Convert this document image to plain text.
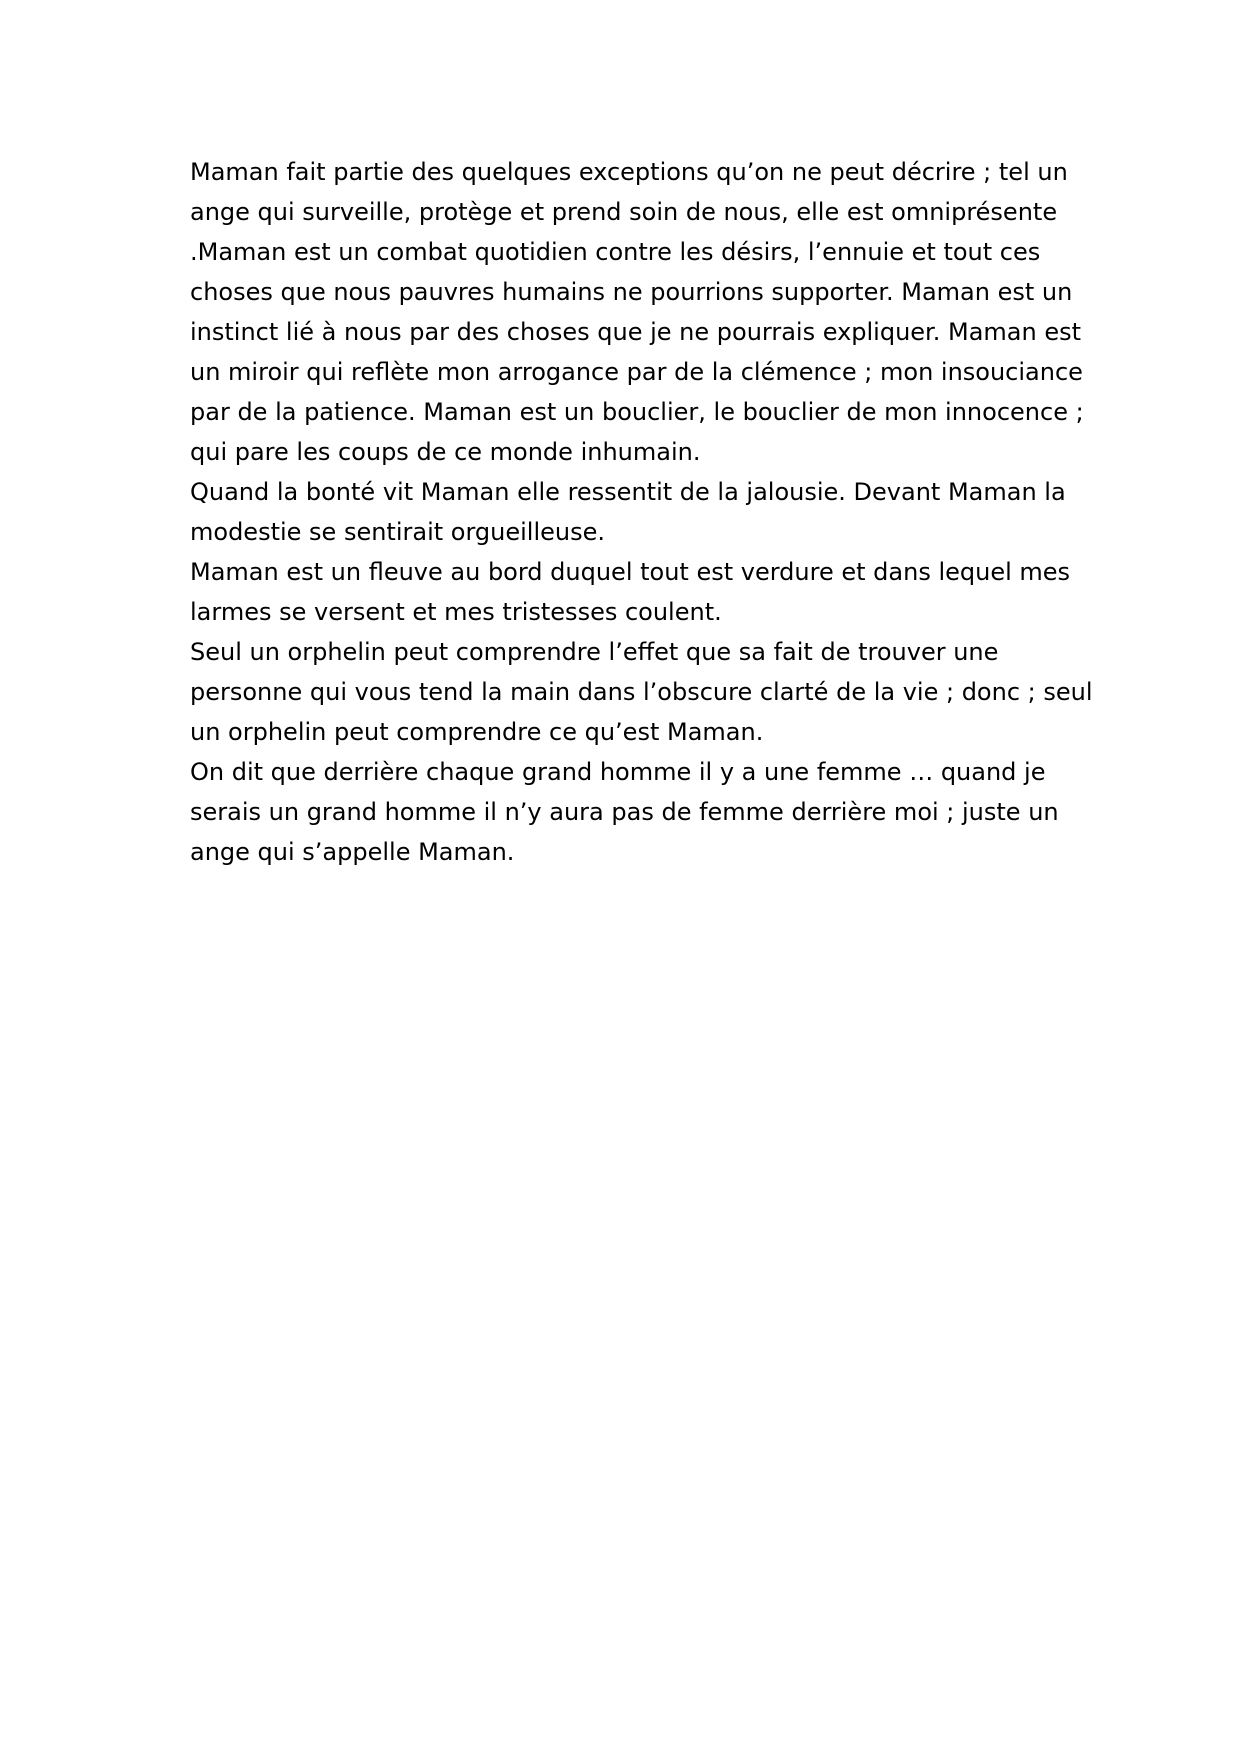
Maman fait partie des quelques exceptions qu’on ne peut décrire ; tel un
ange qui surveille, protège et prend soin de nous, elle est omniprésente
.Maman est un combat quotidien contre les désirs, l’ennuie et tout ces
choses que nous pauvres humains ne pourrions supporter. Maman est un
instinct lié à nous par des choses que je ne pourrais expliquer. Maman est
un miroir qui reflète mon arrogance par de la clémence ; mon insouciance
par de la patience. Maman est un bouclier, le bouclier de mon innocence ;
qui pare les coups de ce monde inhumain.
Quand la bonté vit Maman elle ressentit de la jalousie. Devant Maman la
modestie se sentirait orgueilleuse.
Maman est un fleuve au bord duquel tout est verdure et dans lequel mes
larmes se versent et mes tristesses coulent.
Seul un orphelin peut comprendre l’effet que sa fait de trouver une
personne qui vous tend la main dans l’obscure clarté de la vie ; donc ; seul
un orphelin peut comprendre ce qu’est Maman.
On dit que derrière chaque grand homme il y a une femme … quand je
serais un grand homme il n’y aura pas de femme derrière moi ; juste un
ange qui s’appelle Maman.
